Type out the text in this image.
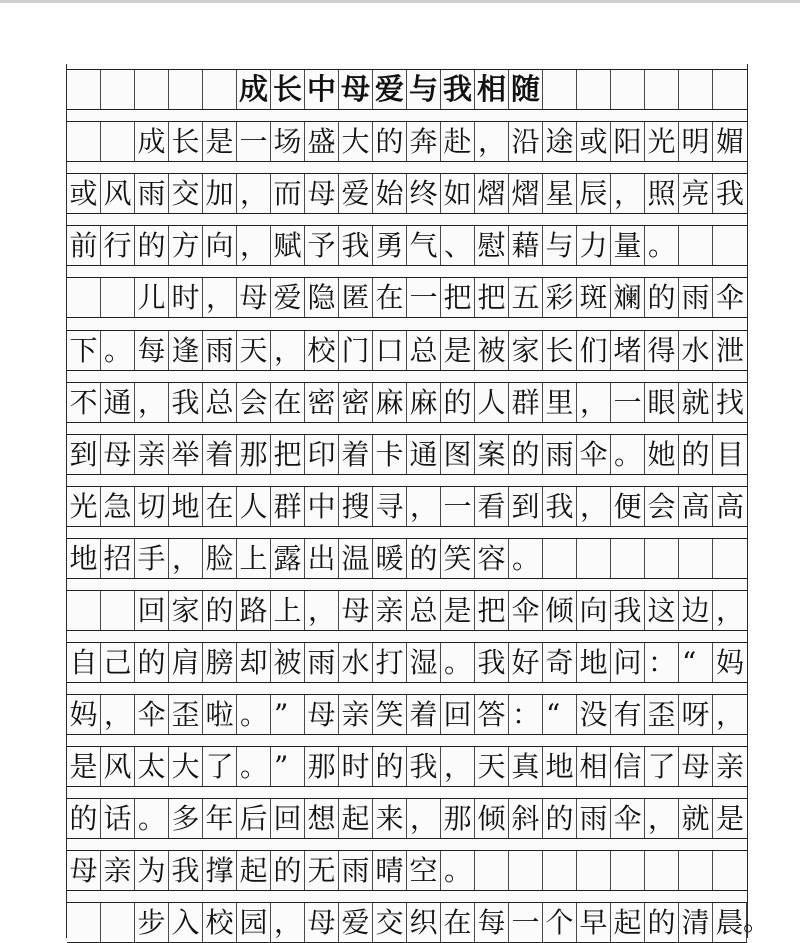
成 长 中 母 爱 与 我 相 随
成 长 是 一 场 盛 大 的 奔 赴 ， 沿 途 或 阳 光 明 媚
或 风 雨 交 加 ， 而 母 爱 始 终 如 熠 熠 星 辰 ， 照 亮 我
前 行 的 方 向 ， 赋 予 我 勇 气 、 慰 藉 与 力 量 。
儿 时 ， 母 爱 隐 匿 在 一 把 把 五 彩 斑 斓 的 雨 伞
下 。 每 逢 雨 天 ， 校 门 口 总 是 被 家 长 们 堵 得 水 泄
不 通 ， 我 总 会 在 密 密 麻 麻 的 人 群 里 ， 一 眼 就 找
到 母 亲 举 着 那 把 印 着 卡 通 图 案 的 雨 伞 。 她 的 目
光 急 切 地 在 人 群 中 搜 寻 ， 一 看 到 我 ， 便 会 高 高
地 招 手 ， 脸 上 露 出 温 暖 的 笑 容 。
回 家 的 路 上 ， 母 亲 总 是 把 伞 倾 向 我 这 边 ，
自 己 的 肩 膀 却 被 雨 水 打 湿 。 我 好 奇 地 问 ： “ 妈
妈 ， 伞 歪 啦 。 ” 母 亲 笑 着 回 答 ： “ 没 有 歪 呀 ，
是 风 太 大 了 。 ” 那 时 的 我 ， 天 真 地 相 信 了 母 亲
的 话 。 多 年 后 回 想 起 来 ， 那 倾 斜 的 雨 伞 ， 就 是
母 亲 为 我 撑 起 的 无 雨 晴 空 。
步 入 校 园 ， 母 爱 交 织 在 每 一 个 早 起 的 清 晨 。
